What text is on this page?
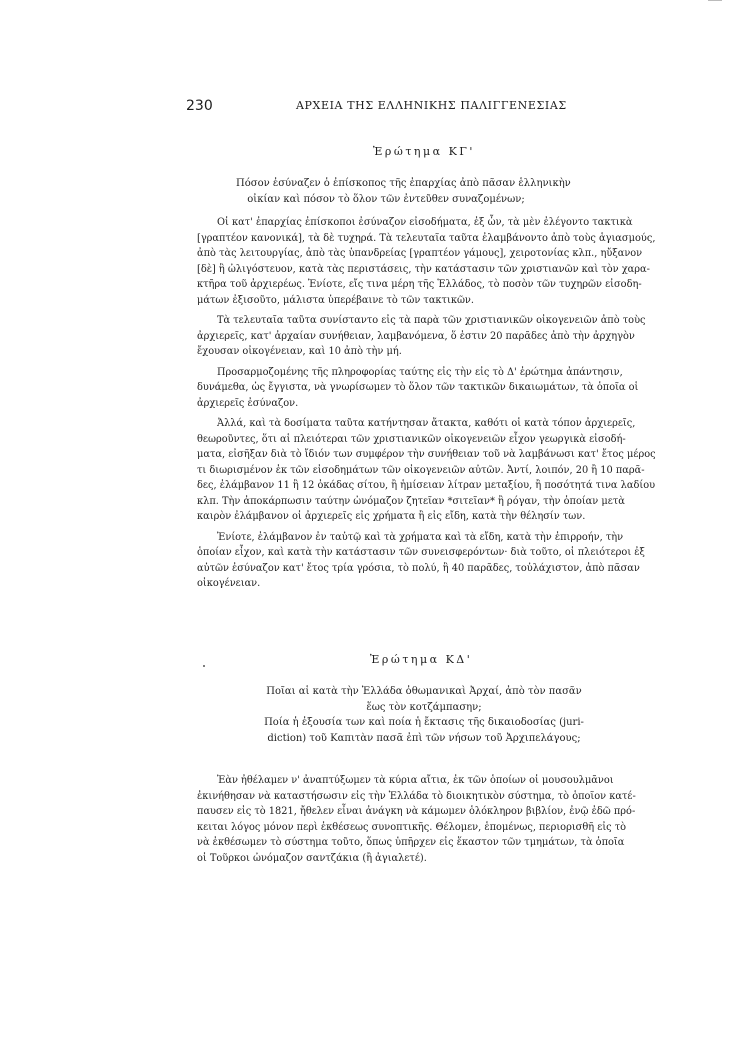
230	ΑΡΧΕΙΑ ΤΗΣ ΕΛΛΗΝΙΚΗΣ ΠΑΛΙΓΓΕΝΕΣΙΑΣ
Ἐρώτημα ΚΓ'
Πόσον ἐσύναζεν ὁ ἐπίσκοπος τῆς ἐπαρχίας ἀπὸ πᾶσαν ἑλληνικὴν
οἰκίαν καὶ πόσον τὸ ὅλον τῶν ἐντεῦθεν συναζομένων;
Οἱ κατ' ἐπαρχίας ἐπίσκοποι ἐσύναζον εἰσοδήματα, ἐξ ὧν, τὰ μὲν ἐλέγοντο τακτικὰ
[γραπτέον κανονικά], τὰ δὲ τυχηρά. Τὰ τελευταῖα ταῦτα ἐλαμβάνοντο ἀπὸ τοὺς ἁγιασμούς,
ἀπὸ τὰς λειτουργίας, ἀπὸ τὰς ὑπανδρείας [γραπτέον γάμους], χειροτονίας κλπ., ηὔξανον
[δὲ] ἢ ὠλιγόστευον, κατὰ τὰς περιστάσεις, τὴν κατάστασιν τῶν χριστιανῶν καὶ τὸν χαρα-
κτῆρα τοῦ ἀρχιερέως. Ἐνίοτε, εἴς τινα μέρη τῆς Ἑλλάδος, τὸ ποσὸν τῶν τυχηρῶν εἰσοδη-
μάτων ἐξισοῦτο, μάλιστα ὑπερέβαινε τὸ τῶν τακτικῶν.
Τὰ τελευταῖα ταῦτα συνίσταντο εἰς τὰ παρὰ τῶν χριστιανικῶν οἰκογενειῶν ἀπὸ τοὺς
ἀρχιερεῖς, κατ' ἀρχαίαν συνήθειαν, λαμβανόμενα, ὅ ἐστιν 20 παρᾶδες ἀπὸ τὴν ἀρχηγὸν
ἔχουσαν οἰκογένειαν, καὶ 10 ἀπὸ τὴν μή.
Προσαρμοζομένης τῆς πληροφορίας ταύτης εἰς τὴν εἰς τὸ Δ' ἐρώτημα ἀπάντησιν,
δυνάμεθα, ὡς ἔγγιστα, νὰ γνωρίσωμεν τὸ ὅλον τῶν τακτικῶν δικαιωμάτων, τὰ ὁποῖα οἱ
ἀρχιερεῖς ἐσύναζον.
Ἀλλά, καὶ τὰ δοσίματα ταῦτα κατήντησαν ἄτακτα, καθότι οἱ κατὰ τόπον ἀρχιερεῖς,
θεωροῦντες, ὅτι αἱ πλειότεραι τῶν χριστιανικῶν οἰκογενειῶν εἶχον γεωργικὰ εἰσοδή-
ματα, εἰσῆξαν διὰ τὸ ἴδιόν των συμφέρον τὴν συνήθειαν τοῦ νὰ λαμβάνωσι κατ' ἔτος μέρος
τι διωρισμένον ἐκ τῶν εἰσοδημάτων τῶν οἰκογενειῶν αὐτῶν. Ἀντί, λοιπόν, 20 ἢ 10 παρᾶ-
δες, ἐλάμβανον 11 ἢ 12 ὀκάδας σίτου, ἢ ἡμίσειαν λίτραν μεταξίου, ἢ ποσότητά τινα λαδίου
κλπ. Τὴν ἀποκάρπωσιν ταύτην ὠνόμαζον ζητεῖαν *σιτεῖαν* ἢ ρόγαν, τὴν ὁποίαν μετὰ
καιρὸν ἐλάμβανον οἱ ἀρχιερεῖς εἰς χρήματα ἢ εἰς εἴδη, κατὰ τὴν θέλησίν των.
Ἐνίοτε, ἐλάμβανον ἐν ταὐτῷ καὶ τὰ χρήματα καὶ τὰ εἴδη, κατὰ τὴν ἐπιρροήν, τὴν
ὁποίαν εἶχον, καὶ κατὰ τὴν κατάστασιν τῶν συνεισφερόντων· διὰ τοῦτο, οἱ πλειότεροι ἐξ
αὐτῶν ἐσύναζον κατ' ἔτος τρία γρόσια, τὸ πολύ, ἢ 40 παρᾶδες, τοὐλάχιστον, ἀπὸ πᾶσαν
οἰκογένειαν.
Ἐρώτημα ΚΔ'
Ποῖαι αἱ κατὰ τὴν Ἑλλάδα ὀθωμανικαὶ Ἀρχαί, ἀπὸ τὸν πασᾶν
ἕως τὸν κοτζάμπασην;
Ποία ἡ ἐξουσία των καὶ ποία ἡ ἔκτασις τῆς δικαιοδοσίας (juri-
diction) τοῦ Καπιτὰν πασᾶ ἐπὶ τῶν νήσων τοῦ Ἀρχιπελάγους;
Ἐὰν ἠθέλαμεν ν' ἀναπτύξωμεν τὰ κύρια αἴτια, ἐκ τῶν ὁποίων οἱ μουσουλμᾶνοι
ἐκινήθησαν νὰ καταστήσωσιν εἰς τὴν Ἑλλάδα τὸ διοικητικὸν σύστημα, τὸ ὁποῖον κατέ-
παυσεν εἰς τὸ 1821, ἤθελεν εἶναι ἀνάγκη νὰ κάμωμεν ὁλόκληρον βιβλίον, ἐνῷ ἐδῶ πρό-
κειται λόγος μόνον περὶ ἐκθέσεως συνοπτικῆς. Θέλομεν, ἑπομένως, περιορισθῆ εἰς τὸ
νὰ ἐκθέσωμεν τὸ σύστημα τοῦτο, ὅπως ὑπῆρχεν εἰς ἕκαστον τῶν τμημάτων, τὰ ὁποῖα
οἱ Τοῦρκοι ὠνόμαζον σαντζάκια (ἢ ἀγιαλετέ).
